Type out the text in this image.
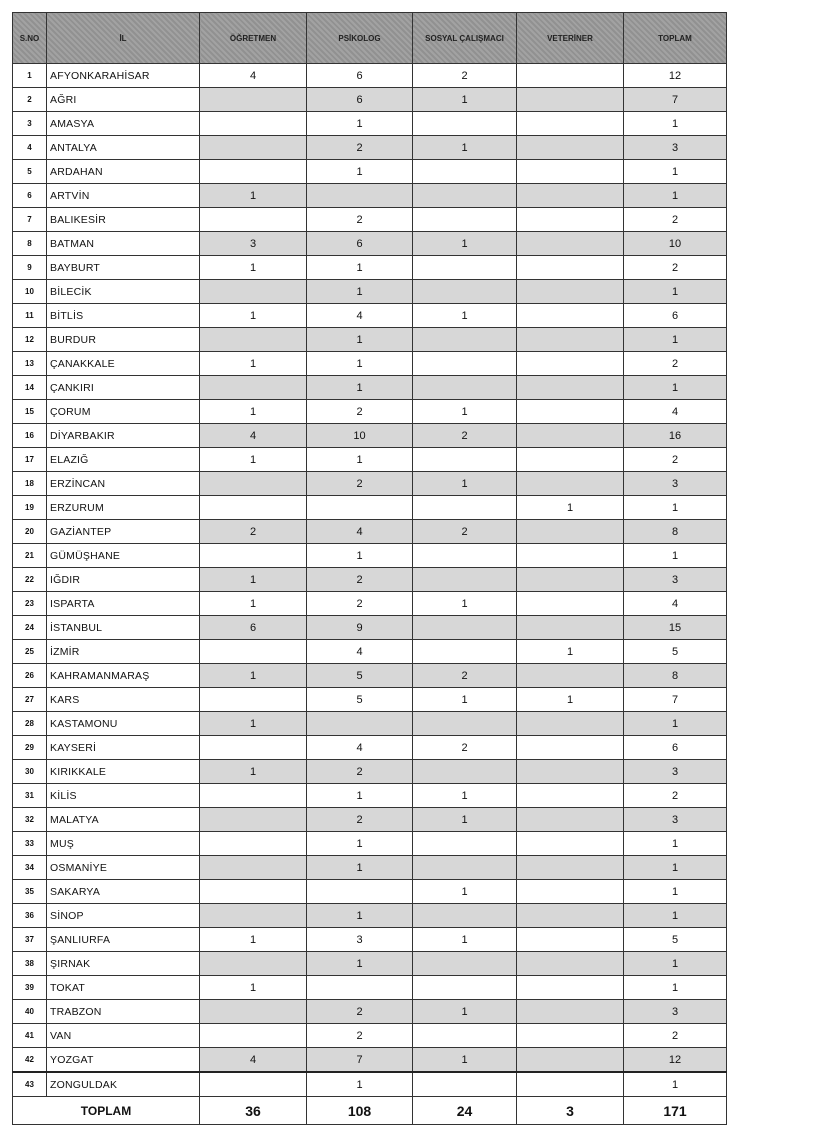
S.NO	İL	ÖĞRETMEN	PSİKOLOG	SOSYAL ÇALIŞMACI	VETERİNER	TOPLAM
1	AFYONKARAHİSAR	4	6	2		12
2	AĞRI		6	1		7
3	AMASYA		1			1
4	ANTALYA		2	1		3
5	ARDAHAN		1			1
6	ARTVİN	1				1
7	BALIKESİR		2			2
8	BATMAN	3	6	1		10
9	BAYBURT	1	1			2
10	BİLECİK		1			1
11	BİTLİS	1	4	1		6
12	BURDUR		1			1
13	ÇANAKKALE	1	1			2
14	ÇANKIRI		1			1
15	ÇORUM	1	2	1		4
16	DİYARBAKIR	4	10	2		16
17	ELAZIĞ	1	1			2
18	ERZİNCAN		2	1		3
19	ERZURUM				1	1
20	GAZİANTEP	2	4	2		8
21	GÜMÜŞHANE		1			1
22	IĞDIR	1	2			3
23	ISPARTA	1	2	1		4
24	İSTANBUL	6	9			15
25	İZMİR		4		1	5
26	KAHRAMANMARAŞ	1	5	2		8
27	KARS		5	1	1	7
28	KASTAMONU	1				1
29	KAYSERİ		4	2		6
30	KIRIKKALE	1	2			3
31	KİLİS		1	1		2
32	MALATYA		2	1		3
33	MUŞ		1			1
34	OSMANİYE		1			1
35	SAKARYA			1		1
36	SİNOP		1			1
37	ŞANLIURFA	1	3	1		5
38	ŞIRNAK		1			1
39	TOKAT	1				1
40	TRABZON		2	1		3
41	VAN		2			2
42	YOZGAT	4	7	1		12
43	ZONGULDAK		1			1
TOPLAM		36	108	24	3	171
